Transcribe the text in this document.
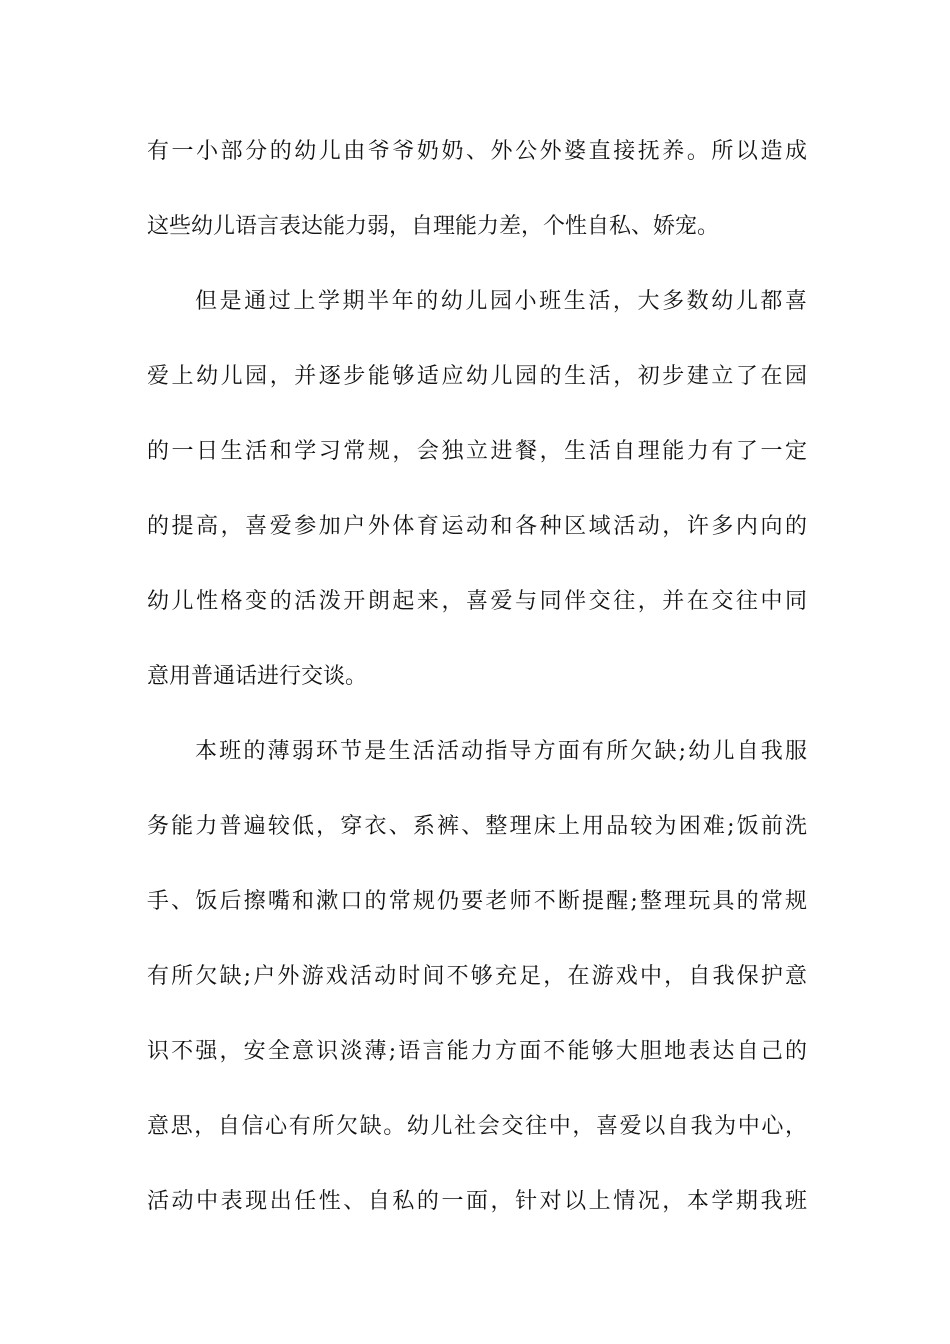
有一小部分的幼儿由爷爷奶奶、外公外婆直接抚养。所以造成
这些幼儿语言表达能力弱，自理能力差，个性自私、娇宠。
但是通过上学期半年的幼儿园小班生活，大多数幼儿都喜
爱上幼儿园，并逐步能够适应幼儿园的生活，初步建立了在园
的一日生活和学习常规，会独立进餐，生活自理能力有了一定
的提高，喜爱参加户外体育运动和各种区域活动，许多内向的
幼儿性格变的活泼开朗起来，喜爱与同伴交往，并在交往中同
意用普通话进行交谈。
本班的薄弱环节是生活活动指导方面有所欠缺;幼儿自我服
务能力普遍较低，穿衣、系裤、整理床上用品较为困难;饭前洗
手、饭后擦嘴和漱口的常规仍要老师不断提醒;整理玩具的常规
有所欠缺;户外游戏活动时间不够充足，在游戏中，自我保护意
识不强，安全意识淡薄;语言能力方面不能够大胆地表达自己的
意思，自信心有所欠缺。幼儿社会交往中，喜爱以自我为中心，
活动中表现出任性、自私的一面，针对以上情况，本学期我班
